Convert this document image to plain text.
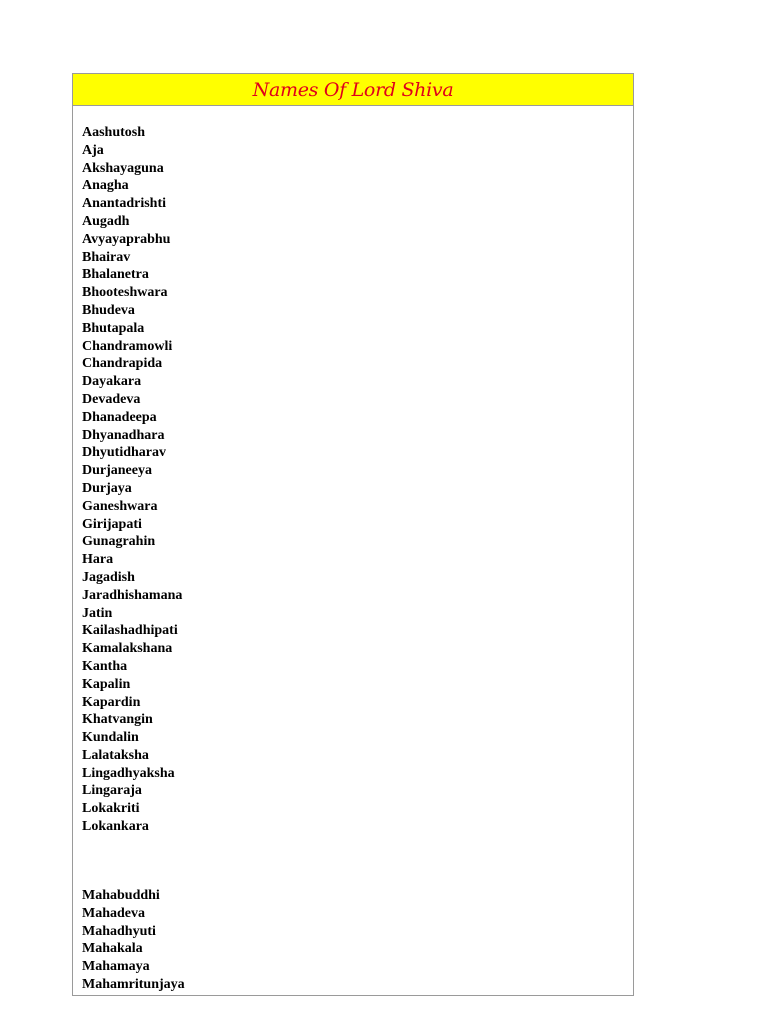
Names Of Lord Shiva
Aashutosh
Aja
Akshayaguna
Anagha
Anantadrishti
Augadh
Avyayaprabhu
Bhairav
Bhalanetra
Bhooteshwara
Bhudeva
Bhutapala
Chandramowli
Chandrapida
Dayakara
Devadeva
Dhanadeepa
Dhyanadhara
Dhyutidharav
Durjaneeya
Durjaya
Ganeshwara
Girijapati
Gunagrahin
Hara
Jagadish
Jaradhishamana
Jatin
Kailashadhipati
Kamalakshana
Kantha
Kapalin
Kapardin
Khatvangin
Kundalin
Lalataksha
Lingadhyaksha
Lingaraja
Lokakriti
Lokankara
Mahabuddhi
Mahadeva
Mahadhyuti
Mahakala
Mahamaya
Mahamritunjaya
